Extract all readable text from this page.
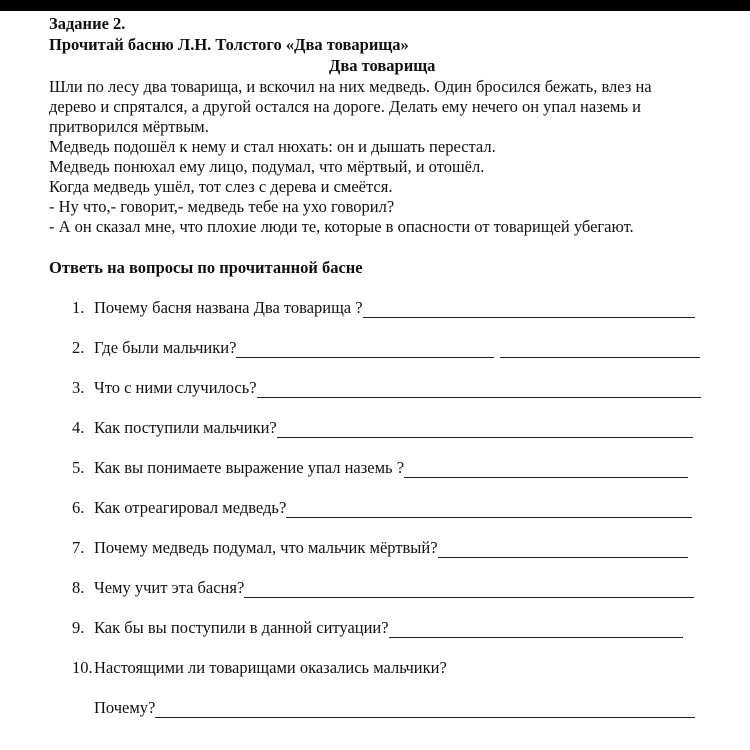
Задание 2.
Прочитай басню Л.Н. Толстого «Два товарища»
Два товарища
Шли по лесу два товарища, и вскочил на них медведь. Один бросился бежать, влез на
дерево и спрятался, а другой остался на дороге. Делать ему нечего он упал наземь и
притворился мёртвым.
Медведь подошёл к нему и стал нюхать: он и дышать перестал.
Медведь понюхал ему лицо, подумал, что мёртвый, и отошёл.
Когда медведь ушёл, тот слез с дерева и смеётся.
- Ну что,- говорит,- медведь тебе на ухо говорил?
- А он сказал мне, что плохие люди те, которые в опасности от товарищей убегают.
Ответь на вопросы по прочитанной басне
1. Почему басня названа Два товарища ?
2. Где были мальчики?
3. Что с ними случилось?
4. Как поступили мальчики?
5. Как вы понимаете выражение упал наземь ?
6. Как отреагировал медведь?
7. Почему медведь подумал, что мальчик мёртвый?
8. Чему учит эта басня?
9. Как бы вы поступили в данной ситуации?
10.Настоящими ли товарищами оказались мальчики?
Почему?
